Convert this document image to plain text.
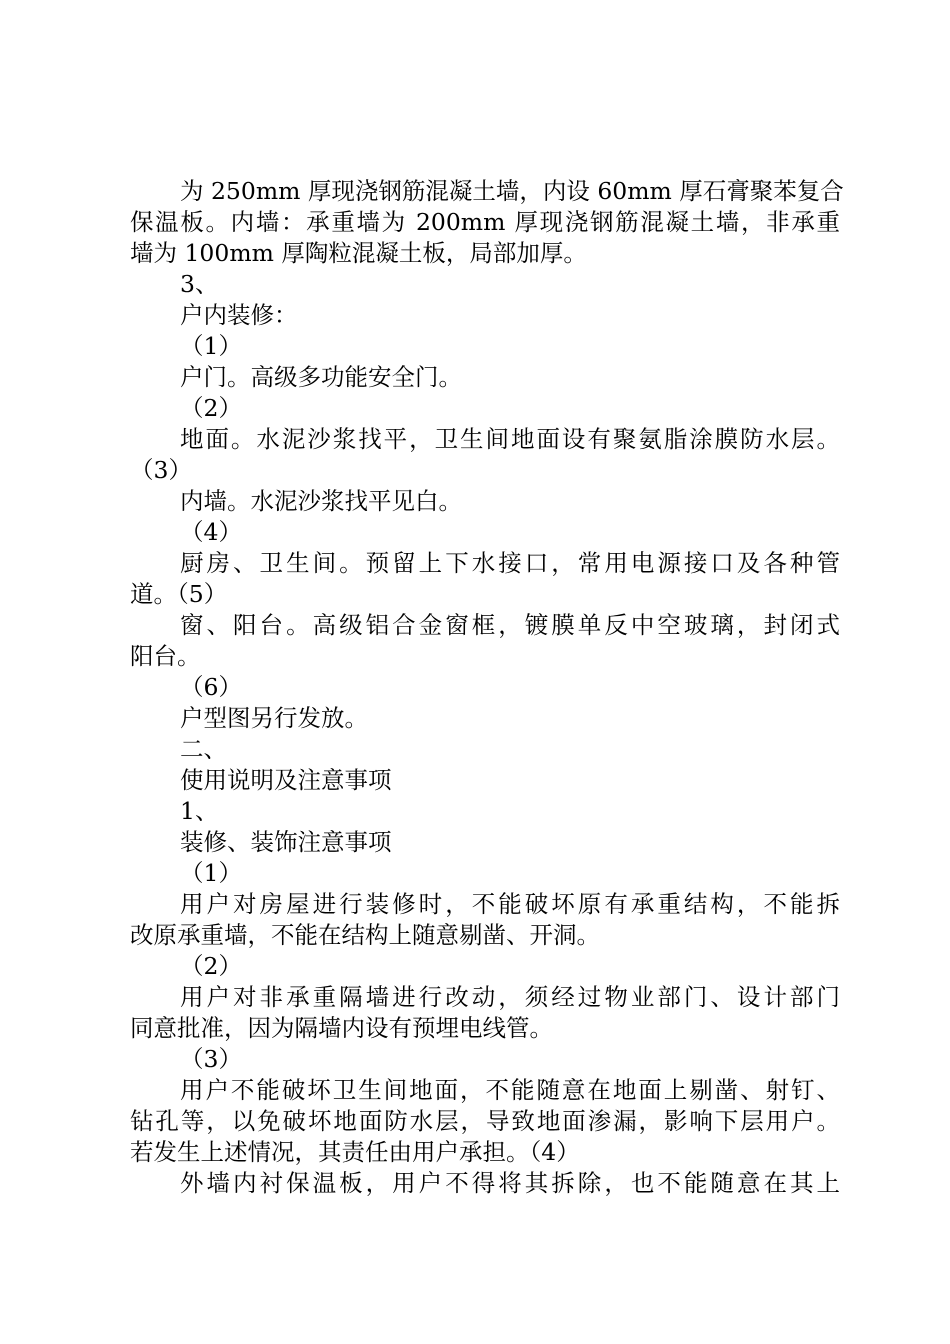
为 250mm 厚现浇钢筋混凝土墙，内设 60mm 厚石膏聚苯复合
保温板。内墙：承重墙为 200mm 厚现浇钢筋混凝土墙，非承重
墙为 100mm 厚陶粒混凝土板，局部加厚。
3、
户内装修：
（1）
户门。高级多功能安全门。
（2）
地面。水泥沙浆找平，卫生间地面设有聚氨脂涂膜防水层。
（3）
内墙。水泥沙浆找平见白。
（4）
厨房、卫生间。预留上下水接口，常用电源接口及各种管
道。（5）
窗、阳台。高级铝合金窗框，镀膜单反中空玻璃，封闭式
阳台。
（6）
户型图另行发放。
二、
使用说明及注意事项
1、
装修、装饰注意事项
（1）
用户对房屋进行装修时，不能破坏原有承重结构，不能拆
改原承重墙，不能在结构上随意剔凿、开洞。
（2）
用户对非承重隔墙进行改动，须经过物业部门、设计部门
同意批准，因为隔墙内设有预埋电线管。
（3）
用户不能破坏卫生间地面，不能随意在地面上剔凿、射钉、
钻孔等，以免破坏地面防水层，导致地面渗漏，影响下层用户。
若发生上述情况，其责任由用户承担。（4）
外墙内衬保温板，用户不得将其拆除，也不能随意在其上
